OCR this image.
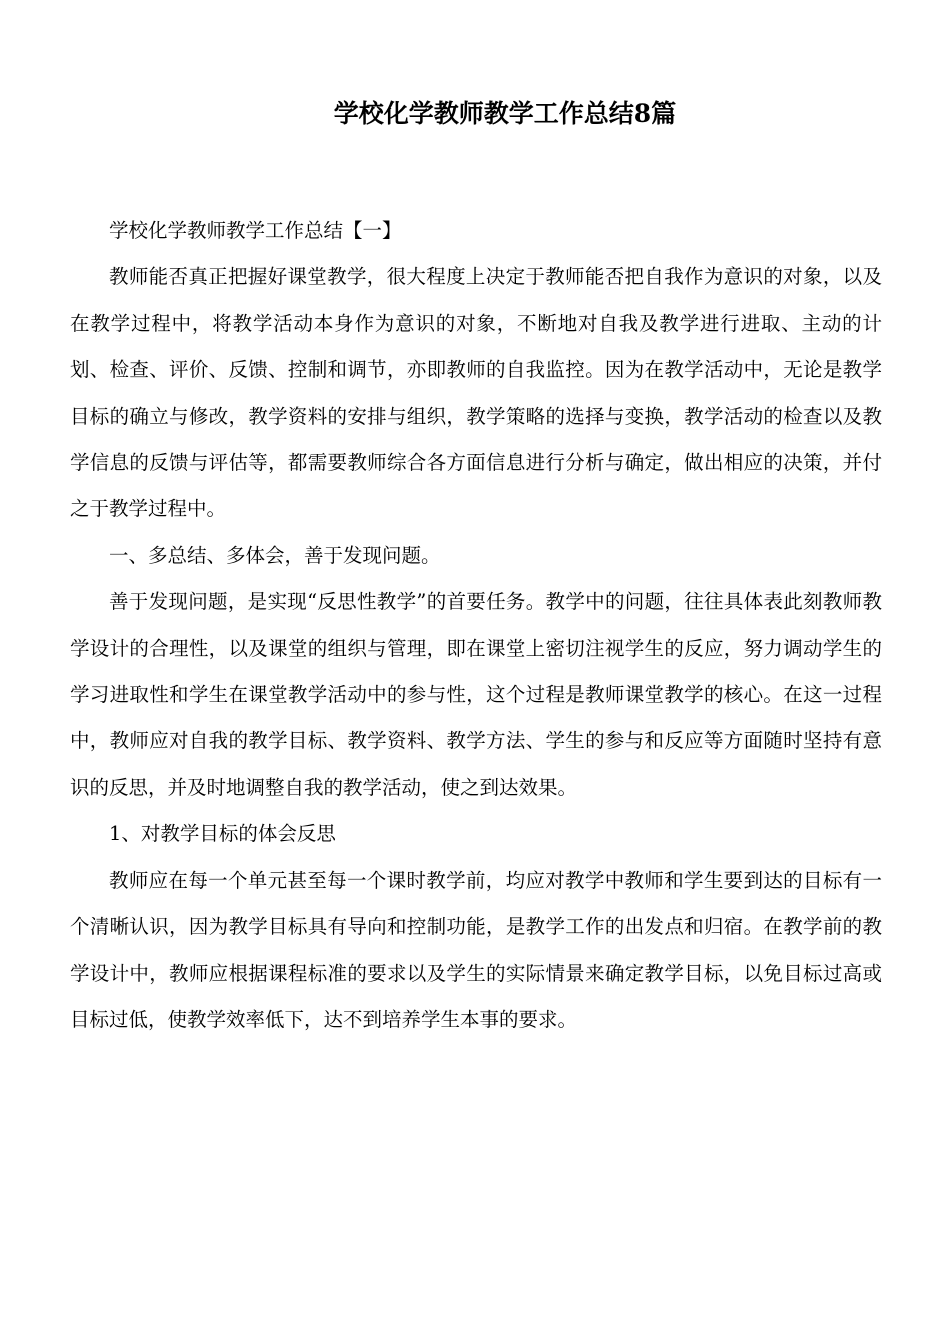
学校化学教师教学工作总结8篇

学校化学教师教学工作总结【一】

教师能否真正把握好课堂教学，很大程度上决定于教师能否把自我作为意识的对象，以及在教学过程中，将教学活动本身作为意识的对象，不断地对自我及教学进行进取、主动的计划、检查、评价、反馈、控制和调节，亦即教师的自我监控。因为在教学活动中，无论是教学目标的确立与修改，教学资料的安排与组织，教学策略的选择与变换，教学活动的检查以及教学信息的反馈与评估等，都需要教师综合各方面信息进行分析与确定，做出相应的决策，并付之于教学过程中。

一、多总结、多体会，善于发现问题。

善于发现问题，是实现“反思性教学”的首要任务。教学中的问题，往往具体表此刻教师教学设计的合理性，以及课堂的组织与管理，即在课堂上密切注视学生的反应，努力调动学生的学习进取性和学生在课堂教学活动中的参与性，这个过程是教师课堂教学的核心。在这一过程中，教师应对自我的教学目标、教学资料、教学方法、学生的参与和反应等方面随时坚持有意识的反思，并及时地调整自我的教学活动，使之到达效果。

1、对教学目标的体会反思

教师应在每一个单元甚至每一个课时教学前，均应对教学中教师和学生要到达的目标有一个清晰认识，因为教学目标具有导向和控制功能，是教学工作的出发点和归宿。在教学前的教学设计中，教师应根据课程标准的要求以及学生的实际情景来确定教学目标，以免目标过高或目标过低，使教学效率低下，达不到培养学生本事的要求。
